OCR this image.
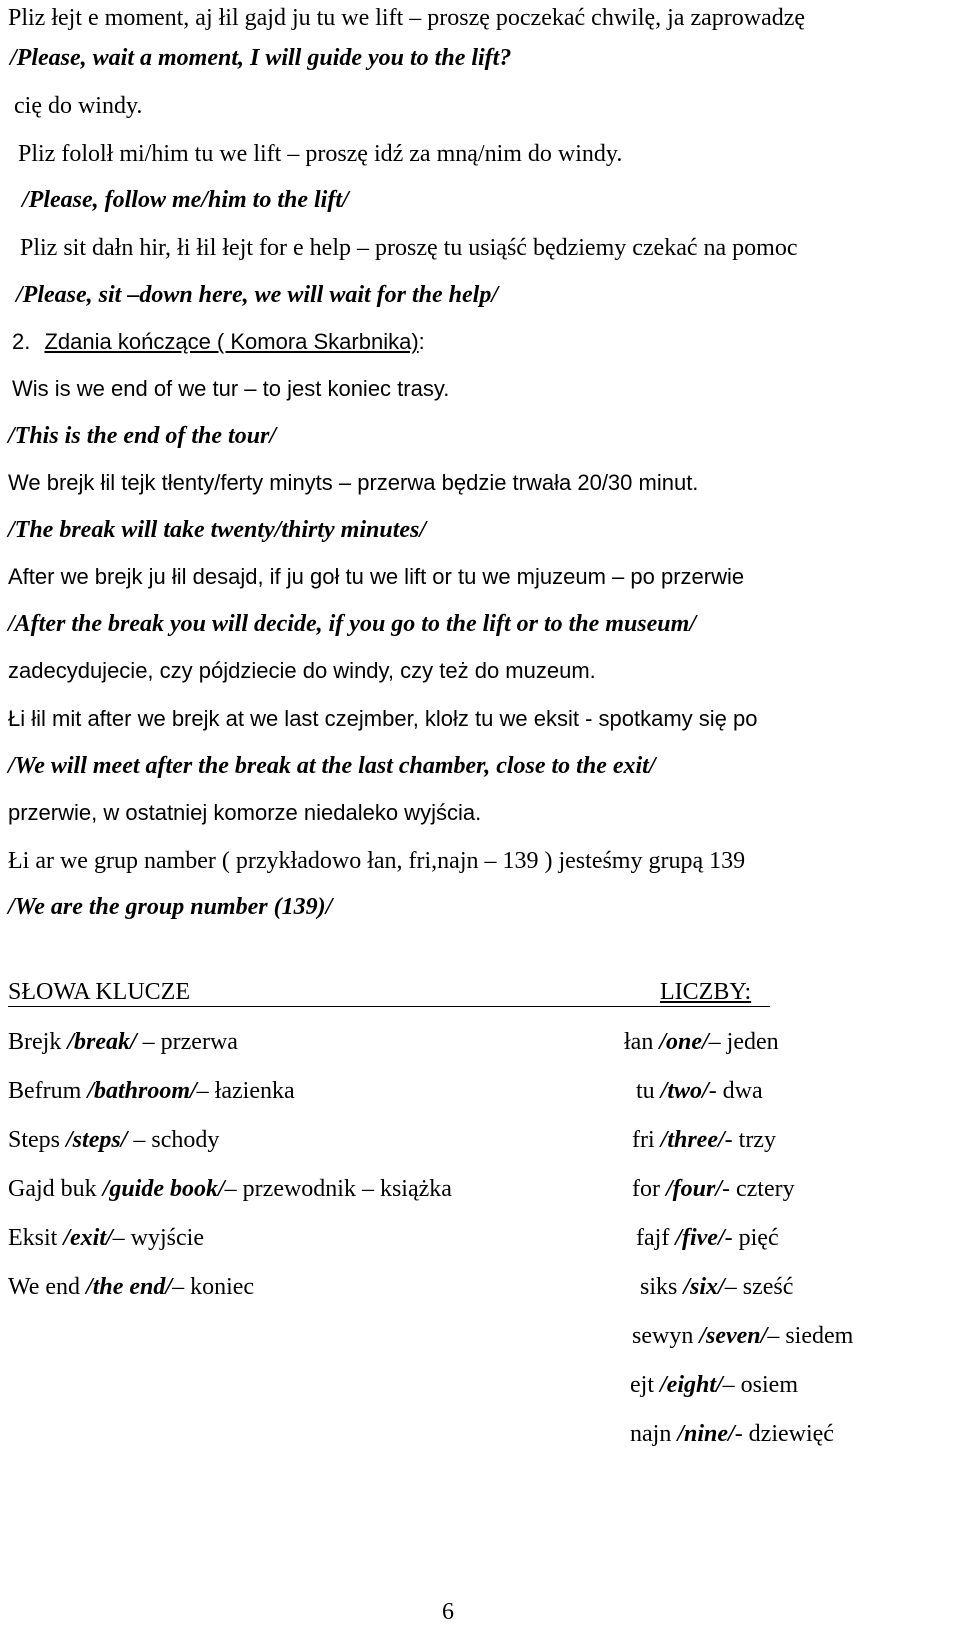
Pliz łejt e moment, aj łil gajd ju tu we lift – proszę poczekać chwilę, ja zaprowadzę
/Please, wait a moment, I will guide you to the lift?
cię do windy.
Pliz fololł mi/him tu we lift – proszę idź za mną/nim do windy.
/Please, follow me/him to the lift/
Pliz sit dałn hir, łi łil łejt for e help – proszę tu usiąść będziemy czekać na pomoc
/Please, sit –down here, we will wait for the help/
2. Zdania kończące ( Komora Skarbnika):
Wis is we end of we tur – to jest koniec trasy.
/This is the end of the tour/
We brejk łil tejk tłenty/ferty minyts – przerwa będzie trwała 20/30 minut.
/The break will take twenty/thirty minutes/
After we brejk ju łil desajd, if ju goł tu we lift or tu we mjuzeum – po przerwie
/After the break you will decide, if you go to the lift or to the museum/
zadecydujecie, czy pójdziecie do windy, czy też do muzeum.
Łi łil mit after we brejk at we last czejmber, klołz tu we eksit - spotkamy się po
/We will meet after the break at the last chamber, close to the exit/
przerwie, w ostatniej komorze niedaleko wyjścia.
Łi ar we grup namber ( przykładowo łan, fri,najn – 139 ) jesteśmy grupą 139
/We are the group number (139)/
SŁOWA KLUCZE	LICZBY:
Brejk /break/ – przerwa
Befrum /bathroom/– łazienka
Steps /steps/ – schody
Gajd buk /guide book/– przewodnik – książka
Eksit /exit/– wyjście
We end /the end/– koniec
łan /one/– jeden
tu /two/- dwa
fri /three/- trzy
for /four/- cztery
fajf /five/- pięć
siks /six/– sześć
sewyn /seven/– siedem
ejt /eight/– osiem
najn /nine/- dziewięć
6
